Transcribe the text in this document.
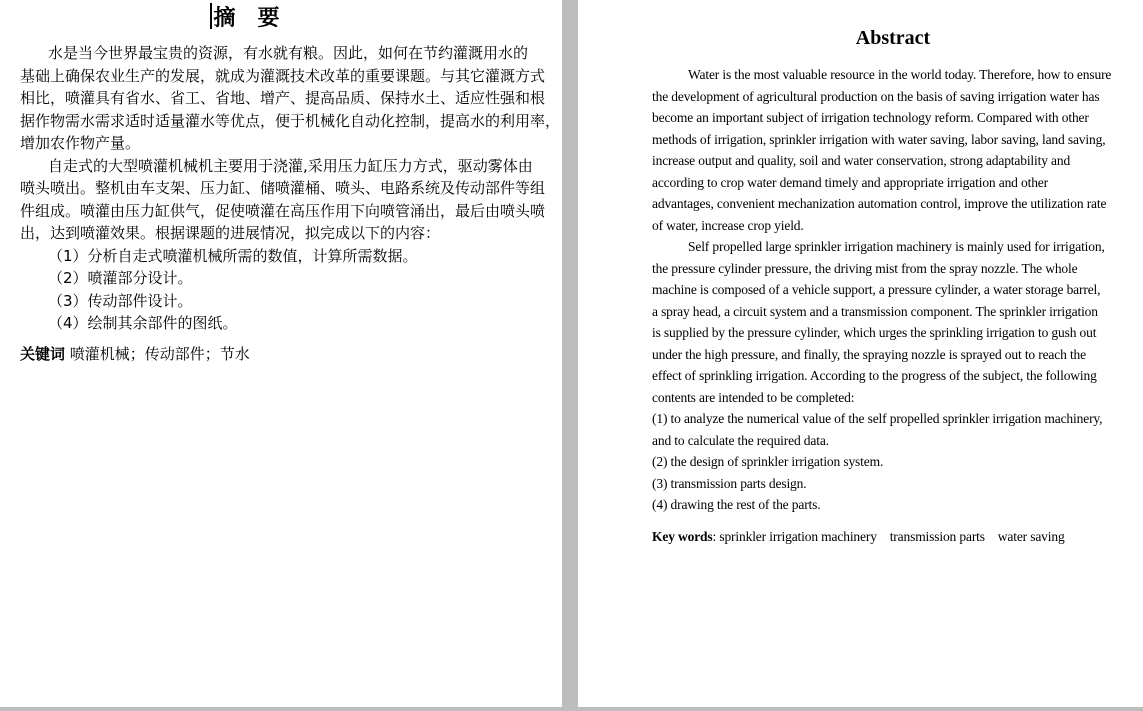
摘　要
水是当今世界最宝贵的资源，有水就有粮。因此，如何在节约灌溉用水的
基础上确保农业生产的发展，就成为灌溉技术改革的重要课题。与其它灌溉方式
相比，喷灌具有省水、省工、省地、增产、提高品质、保持水土、适应性强和根
据作物需水需求适时适量灌水等优点，便于机械化自动化控制，提高水的利用率，
增加农作物产量。
自走式的大型喷灌机械机主要用于浇灌,采用压力缸压力方式，驱动雾体由
喷头喷出。整机由车支架、压力缸、储喷灌桶、喷头、电路系统及传动部件等组
件组成。喷灌由压力缸供气，促使喷灌在高压作用下向喷管涌出，最后由喷头喷
出，达到喷灌效果。根据课题的进展情况，拟完成以下的内容：
（1）分析自走式喷灌机械所需的数值，计算所需数据。
（2）喷灌部分设计。
（3）传动部件设计。
（4）绘制其余部件的图纸。
关键词 喷灌机械；传动部件；节水
Abstract
Water is the most valuable resource in the world today. Therefore, how to ensure
the development of agricultural production on the basis of saving irrigation water has
become an important subject of irrigation technology reform. Compared with other
methods of irrigation, sprinkler irrigation with water saving, labor saving, land saving,
increase output and quality, soil and water conservation, strong adaptability and
according to crop water demand timely and appropriate irrigation and other
advantages, convenient mechanization automation control, improve the utilization rate
of water, increase crop yield.
Self propelled large sprinkler irrigation machinery is mainly used for irrigation,
the pressure cylinder pressure, the driving mist from the spray nozzle. The whole
machine is composed of a vehicle support, a pressure cylinder, a water storage barrel,
a spray head, a circuit system and a transmission component. The sprinkler irrigation
is supplied by the pressure cylinder, which urges the sprinkling irrigation to gush out
under the high pressure, and finally, the spraying nozzle is sprayed out to reach the
effect of sprinkling irrigation. According to the progress of the subject, the following
contents are intended to be completed:
(1) to analyze the numerical value of the self propelled sprinkler irrigation machinery,
and to calculate the required data.
(2) the design of sprinkler irrigation system.
(3) transmission parts design.
(4) drawing the rest of the parts.
Key words: sprinkler irrigation machinery    transmission parts    water saving
